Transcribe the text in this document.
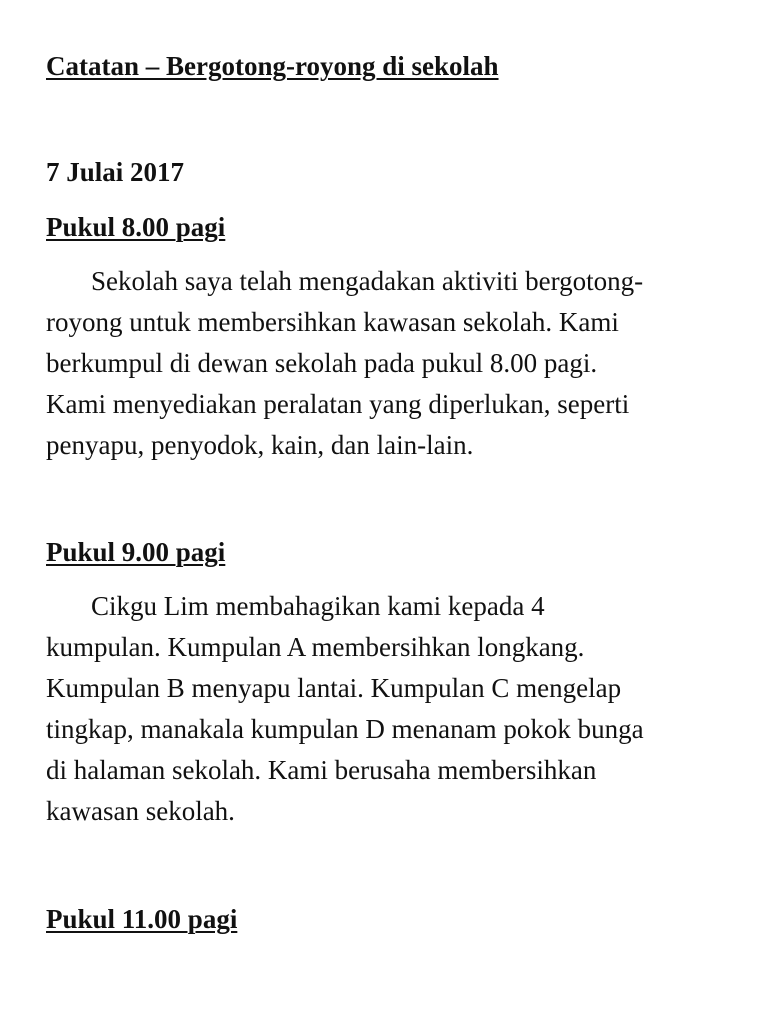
Catatan – Bergotong-royong di sekolah
7 Julai 2017
Pukul 8.00 pagi

Sekolah saya telah mengadakan aktiviti bergotong-
royong untuk membersihkan kawasan sekolah. Kami
berkumpul di dewan sekolah pada pukul 8.00 pagi.
Kami menyediakan peralatan yang diperlukan, seperti
penyapu, penyodok, kain, dan lain-lain.

Pukul 9.00 pagi

Cikgu Lim membahagikan kami kepada 4
kumpulan. Kumpulan A membersihkan longkang.
Kumpulan B menyapu lantai. Kumpulan C mengelap
tingkap, manakala kumpulan D menanam pokok bunga
di halaman sekolah. Kami berusaha membersihkan
kawasan sekolah.

Pukul 11.00 pagi
